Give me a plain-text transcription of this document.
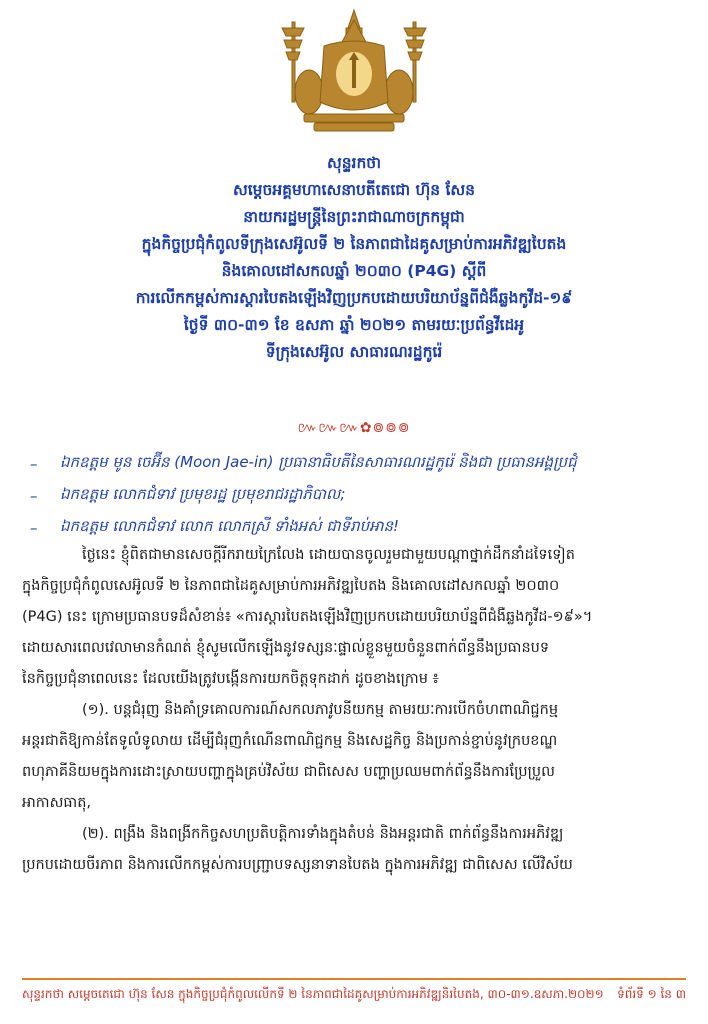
សុន្ទរកថា
សម្តេចអគ្គមហាសេនាបតីតេជោ ហ៊ុន សែន
នាយករដ្ឋមន្ត្រីនៃព្រះរាជាណាចក្រកម្ពុជា
ក្នុងកិច្ចប្រជុំកំពូលទីក្រុងសេអ៊ូលទី ២ នៃភាពជាដៃគូសម្រាប់ការអភិវឌ្ឍបៃតង
និងគោលដៅសកលឆ្នាំ ២០៣០ (P4G) ស្តីពី
ការលើកកម្ពស់ការស្តារបៃតងឡើងវិញប្រកបដោយបរិយាប័ន្នពីជំងឺឆ្លងកូវីដ-១៩
ថ្ងៃទី ៣០-៣១ ខែ ឧសភា ឆ្នាំ ២០២១ តាមរយៈប្រព័ន្ធវីដេអូ
ទីក្រុងសេអ៊ូល សាធារណរដ្ឋកូរ៉េ
៚៚៚✿៙៙៙
–	ឯកឧត្តម មូន ចេអ៊ីន (Moon Jae-in) ប្រធានាធិបតីនៃសាធារណរដ្ឋកូរ៉េ និងជា ប្រធានអង្គប្រជុំ
–	ឯកឧត្តម លោកជំទាវ ប្រមុខរដ្ឋ ប្រមុខរាជរដ្ឋាភិបាល;
–	ឯកឧត្តម លោកជំទាវ លោក លោកស្រី ទាំងអស់ ជាទីរាប់អាន!
ថ្ងៃនេះ ខ្ញុំពិតជាមានសេចក្តីរីករាយក្រៃលែង ដោយបានចូលរួមជាមួយបណ្តាថ្នាក់ដឹកនាំដទៃទៀត
ក្នុងកិច្ចប្រជុំកំពូលសេអ៊ូលទី ២ នៃភាពជាដៃគូសម្រាប់ការអភិវឌ្ឍបៃតង និងគោលដៅសកលឆ្នាំ ២០៣០
(P4G) នេះ ក្រោមប្រធានបទដ៏សំខាន់៖ «ការស្តារបៃតងឡើងវិញប្រកបដោយបរិយាប័ន្នពីជំងឺឆ្លងកូវីដ-១៩»។
ដោយសារពេលវេលាមានកំណត់ ខ្ញុំសូមលើកឡើងនូវទស្សនៈផ្ទាល់ខ្លួនមួយចំនួនពាក់ព័ន្ធនឹងប្រធានបទ
នៃកិច្ចប្រជុំនាពេលនេះ ដែលយើងត្រូវបង្កើនការយកចិត្តទុកដាក់ ដូចខាងក្រោម ៖
(១). បន្តជំរុញ និងគាំទ្រគោលការណ៍សកលភាវូបនីយកម្ម តាមរយៈការបើកចំហពាណិជ្ជកម្ម
អន្តរជាតិឱ្យកាន់តែទូលំទូលាយ ដើម្បីជំរុញកំណើនពាណិជ្ជកម្ម និងសេដ្ឋកិច្ច និងប្រកាន់ខ្ជាប់នូវក្របខណ្ឌ
ពហុភាគីនិយមក្នុងការដោះស្រាយបញ្ហាក្នុងគ្រប់វិស័យ ជាពិសេស បញ្ហាប្រឈមពាក់ព័ន្ធនឹងការប្រែប្រួល
អាកាសធាតុ,
(២). ពង្រឹង និងពង្រីកកិច្ចសហប្រតិបត្តិការទាំងក្នុងតំបន់ និងអន្តរជាតិ ពាក់ព័ន្ធនឹងការអភិវឌ្ឍ
ប្រកបដោយចីរភាព និងការលើកកម្ពស់ការបញ្ជ្រាបទស្សនាទានបៃតង ក្នុងការអភិវឌ្ឍ ជាពិសេស លើវិស័យ
សុន្ទរកថា សម្តេចតេជោ ហ៊ុន សែន ក្នុងកិច្ចប្រជុំកំពូលលើកទី ២ នៃភាពជាដៃគូសម្រាប់ការអភិវឌ្ឍនិរបៃតង, ៣០-៣១.ឧសភា.២០២១ ទំព័រទី ១ នៃ ៣
